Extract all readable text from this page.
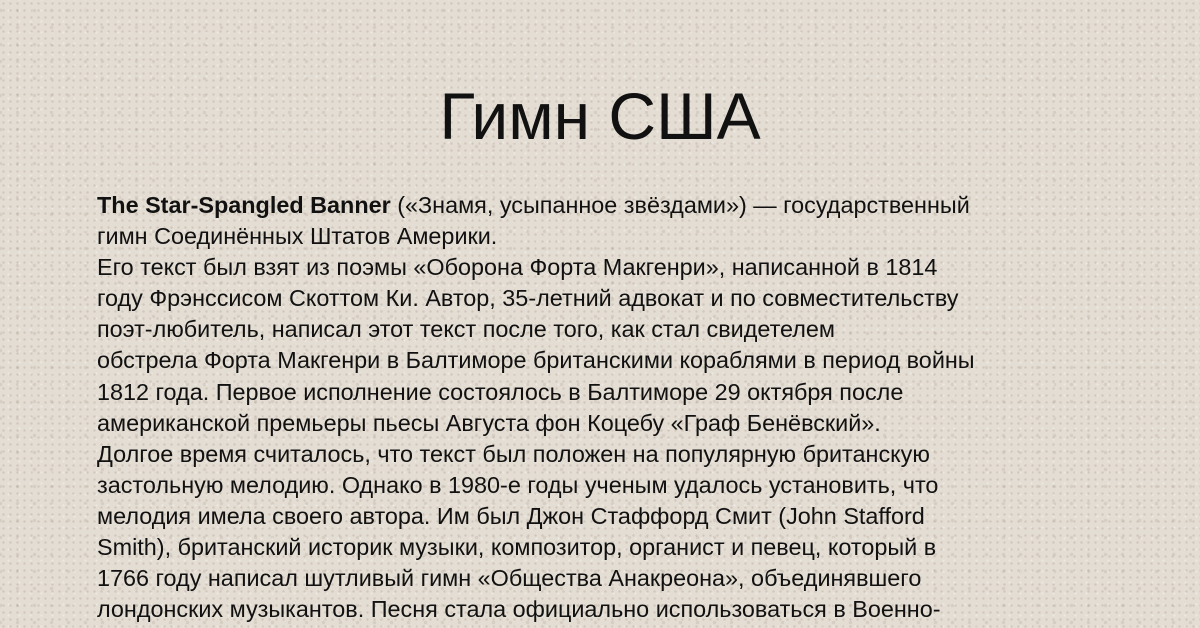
Гимн США
The Star-Spangled Banner («Знамя, усыпанное звёздами») — государственный
гимн Соединённых Штатов Америки.
Его текст был взят из поэмы «Оборона Форта Макгенри», написанной в 1814
году Фрэнссисом Скоттом Ки. Автор, 35-летний адвокат и по совместительству
поэт-любитель, написал этот текст после того, как стал свидетелем
обстрела Форта Макгенри в Балтиморе британскими кораблями в период войны
1812 года. Первое исполнение состоялось в Балтиморе 29 октября после
американской премьеры пьесы Августа фон Коцебу «Граф Бенёвский».
Долгое время считалось, что текст был положен на популярную британскую
застольную мелодию. Однако в 1980-е годы ученым удалось установить, что
мелодия имела своего автора. Им был Джон Стаффорд Смит (John Stafford
Smith), британский историк музыки, композитор, органист и певец, который в
1766 году написал шутливый гимн «Общества Анакреона», объединявшего
лондонских музыкантов. Песня стала официально использоваться в Военно-
